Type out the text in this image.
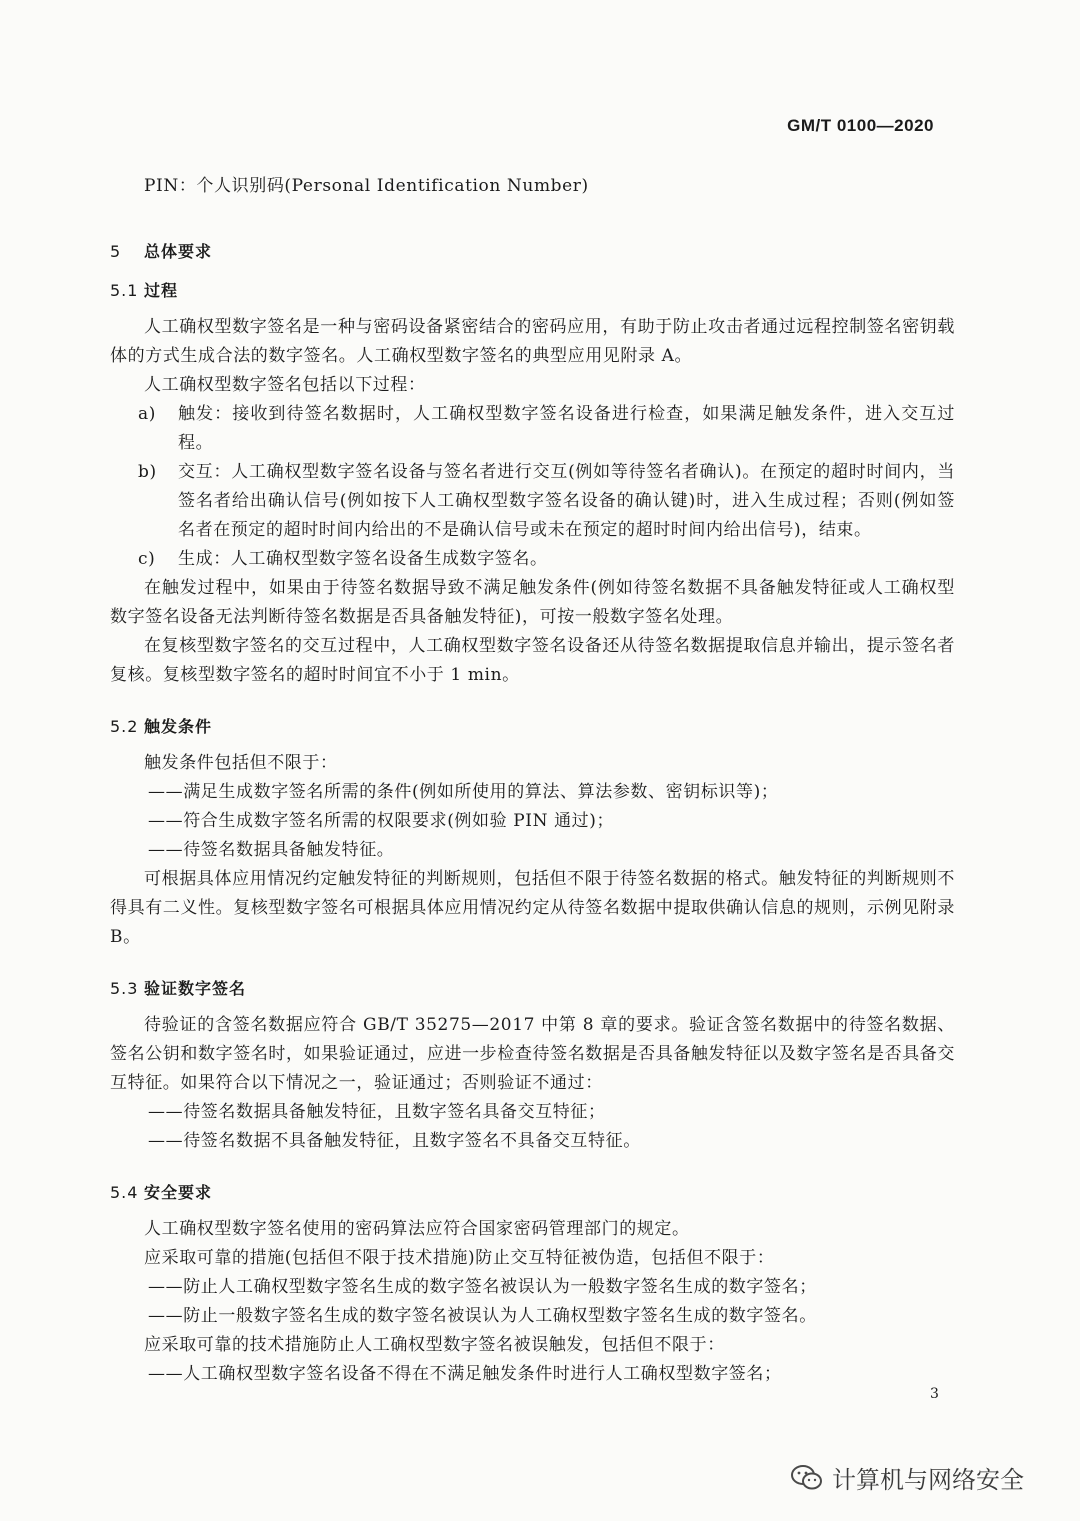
GM/T 0100—2020

PIN：个人识别码(Personal Identification Number)

5 总体要求
5.1 过程

人工确权型数字签名是一种与密码设备紧密结合的密码应用，有助于防止攻击者通过远程控制签名密钥载体的方式生成合法的数字签名。人工确权型数字签名的典型应用见附录 A。

人工确权型数字签名包括以下过程：

a)	触发：接收到待签名数据时，人工确权型数字签名设备进行检查，如果满足触发条件，进入交互过程。
b)	交互：人工确权型数字签名设备与签名者进行交互(例如等待签名者确认)。在预定的超时时间内，当签名者给出确认信号(例如按下人工确权型数字签名设备的确认键)时，进入生成过程；否则(例如签名者在预定的超时时间内给出的不是确认信号或未在预定的超时时间内给出信号)，结束。
c)	生成：人工确权型数字签名设备生成数字签名。

在触发过程中，如果由于待签名数据导致不满足触发条件(例如待签名数据不具备触发特征或人工确权型数字签名设备无法判断待签名数据是否具备触发特征)，可按一般数字签名处理。

在复核型数字签名的交互过程中，人工确权型数字签名设备还从待签名数据提取信息并输出，提示签名者复核。复核型数字签名的超时时间宜不小于 1 min。

5.2 触发条件

触发条件包括但不限于：

——满足生成数字签名所需的条件(例如所使用的算法、算法参数、密钥标识等)；

——符合生成数字签名所需的权限要求(例如验 PIN 通过)；

——待签名数据具备触发特征。

可根据具体应用情况约定触发特征的判断规则，包括但不限于待签名数据的格式。触发特征的判断规则不得具有二义性。复核型数字签名可根据具体应用情况约定从待签名数据中提取供确认信息的规则，示例见附录 B。

5.3 验证数字签名

待验证的含签名数据应符合 GB/T 35275—2017 中第 8 章的要求。验证含签名数据中的待签名数据、签名公钥和数字签名时，如果验证通过，应进一步检查待签名数据是否具备触发特征以及数字签名是否具备交互特征。如果符合以下情况之一，验证通过；否则验证不通过：

——待签名数据具备触发特征，且数字签名具备交互特征；

——待签名数据不具备触发特征，且数字签名不具备交互特征。

5.4 安全要求

人工确权型数字签名使用的密码算法应符合国家密码管理部门的规定。

应采取可靠的措施(包括但不限于技术措施)防止交互特征被伪造，包括但不限于：

——防止人工确权型数字签名生成的数字签名被误认为一般数字签名生成的数字签名；

——防止一般数字签名生成的数字签名被误认为人工确权型数字签名生成的数字签名。

应采取可靠的技术措施防止人工确权型数字签名被误触发，包括但不限于：

——人工确权型数字签名设备不得在不满足触发条件时进行人工确权型数字签名；

3
计算机与网络安全
